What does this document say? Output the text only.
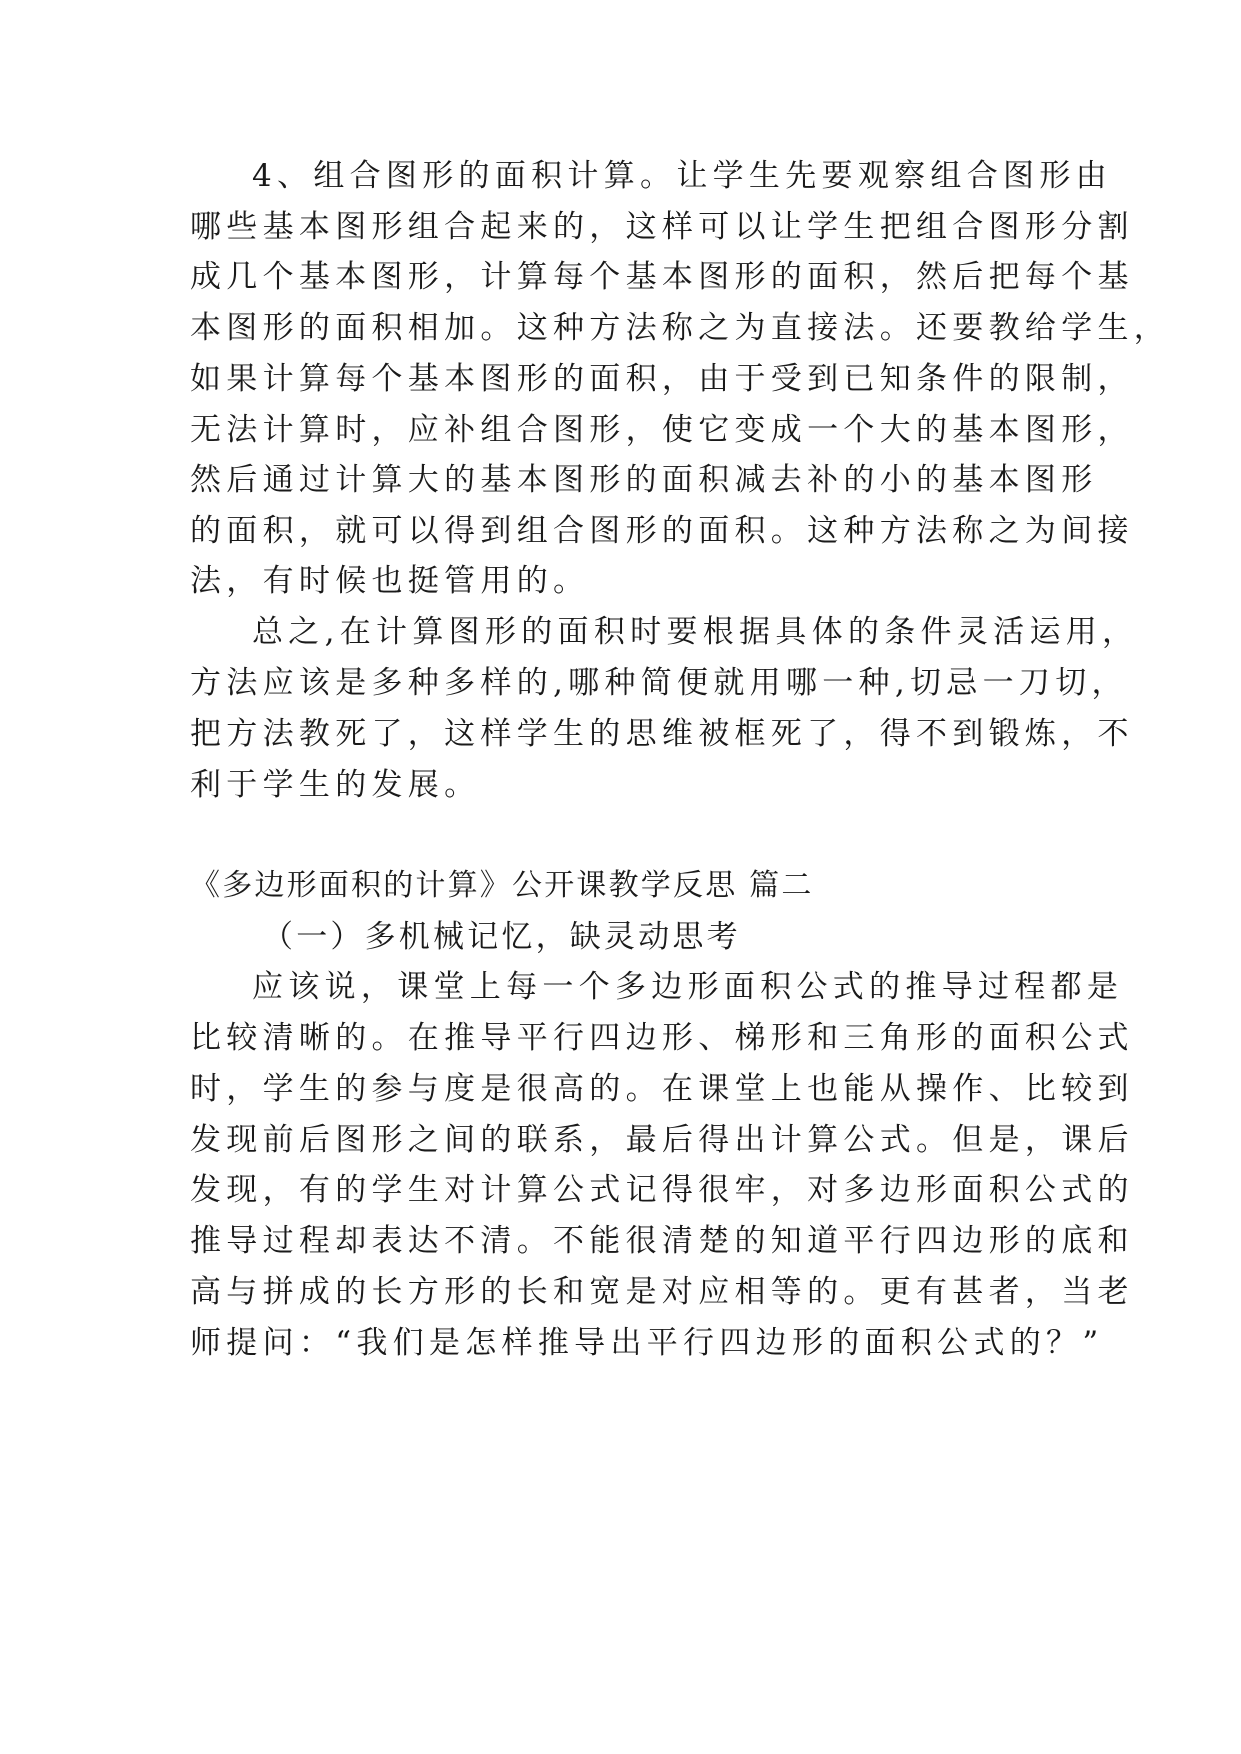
4、组合图形的面积计算。让学生先要观察组合图形由
哪些基本图形组合起来的，这样可以让学生把组合图形分割
成几个基本图形，计算每个基本图形的面积，然后把每个基
本图形的面积相加。这种方法称之为直接法。还要教给学生，
如果计算每个基本图形的面积，由于受到已知条件的限制，
无法计算时，应补组合图形，使它变成一个大的基本图形，
然后通过计算大的基本图形的面积减去补的小的基本图形
的面积，就可以得到组合图形的面积。这种方法称之为间接
法，有时候也挺管用的。
总之,在计算图形的面积时要根据具体的条件灵活运用，
方法应该是多种多样的,哪种简便就用哪一种,切忌一刀切，
把方法教死了，这样学生的思维被框死了，得不到锻炼，不
利于学生的发展。
《多边形面积的计算》公开课教学反思 篇二
（一）多机械记忆，缺灵动思考
应该说，课堂上每一个多边形面积公式的推导过程都是
比较清晰的。在推导平行四边形、梯形和三角形的面积公式
时，学生的参与度是很高的。在课堂上也能从操作、比较到
发现前后图形之间的联系，最后得出计算公式。但是，课后
发现，有的学生对计算公式记得很牢，对多边形面积公式的
推导过程却表达不清。不能很清楚的知道平行四边形的底和
高与拼成的长方形的长和宽是对应相等的。更有甚者，当老
师提问：“我们是怎样推导出平行四边形的面积公式的？”
